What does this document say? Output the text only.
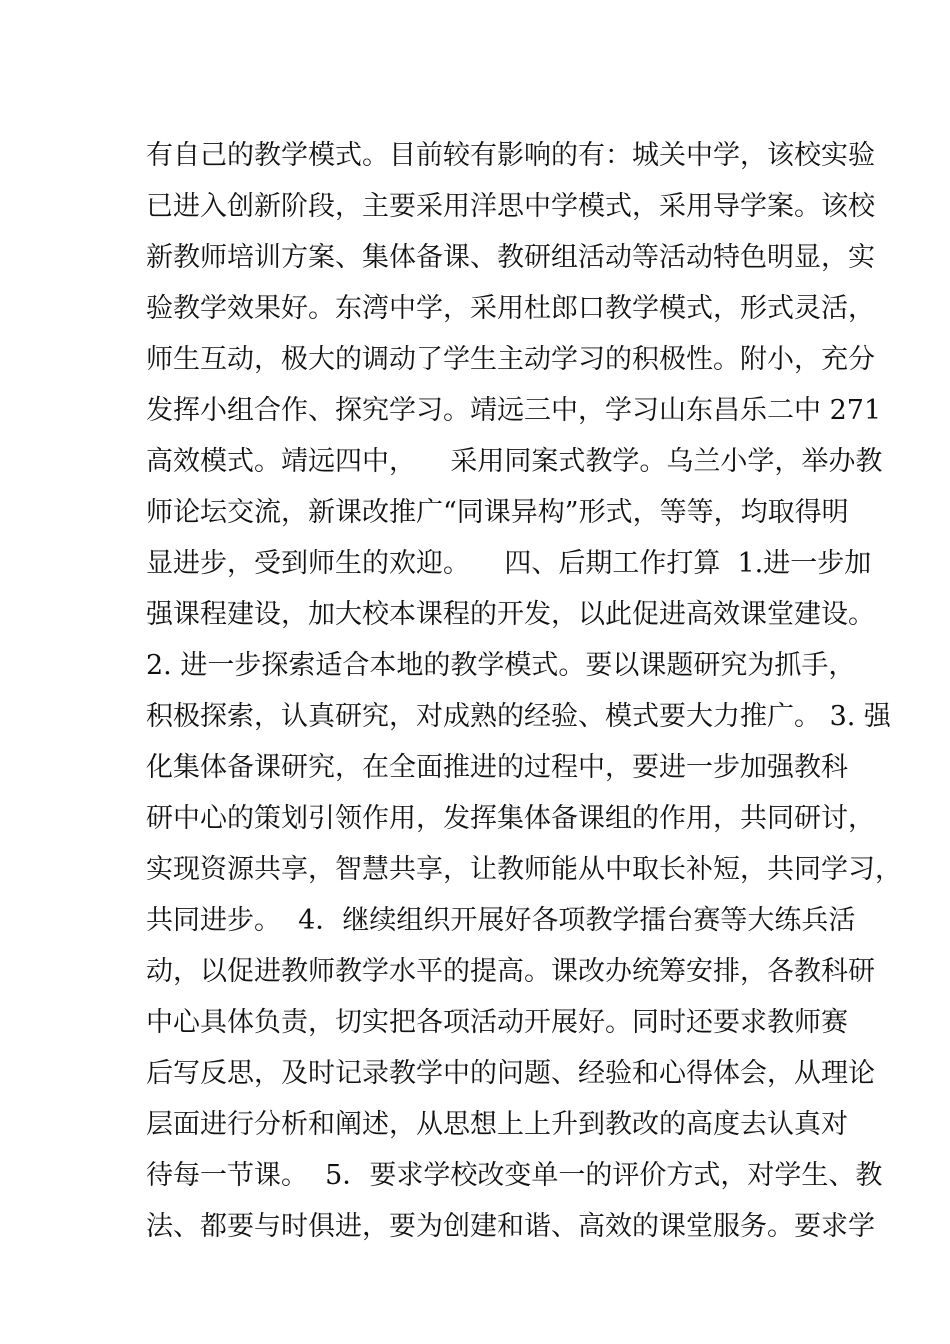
有自己的教学模式。目前较有影响的有：城关中学，该校实验
已进入创新阶段，主要采用洋思中学模式，采用导学案。该校
新教师培训方案、集体备课、教研组活动等活动特色明显，实
验教学效果好。东湾中学，采用杜郎口教学模式，形式灵活，
师生互动，极大的调动了学生主动学习的积极性。附小，充分
发挥小组合作、探究学习。靖远三中，学习山东昌乐二中 271
高效模式。靖远四中，    采用同案式教学。乌兰小学，举办教
师论坛交流，新课改推广“同课异构”形式，等等，均取得明
显进步，受到师生的欢迎。    四、后期工作打算  1.进一步加
强课程建设，加大校本课程的开发，以此促进高效课堂建设。
2. 进一步探索适合本地的教学模式。要以课题研究为抓手，
积极探索，认真研究，对成熟的经验、模式要大力推广。 3. 强
化集体备课研究，在全面推进的过程中，要进一步加强教科
研中心的策划引领作用，发挥集体备课组的作用，共同研讨，
实现资源共享，智慧共享，让教师能从中取长补短，共同学习，
共同进步。  4．继续组织开展好各项教学擂台赛等大练兵活
动，以促进教师教学水平的提高。课改办统筹安排，各教科研
中心具体负责，切实把各项活动开展好。同时还要求教师赛
后写反思，及时记录教学中的问题、经验和心得体会，从理论
层面进行分析和阐述，从思想上上升到教改的高度去认真对
待每一节课。  5．要求学校改变单一的评价方式，对学生、教
法、都要与时俱进，要为创建和谐、高效的课堂服务。要求学
